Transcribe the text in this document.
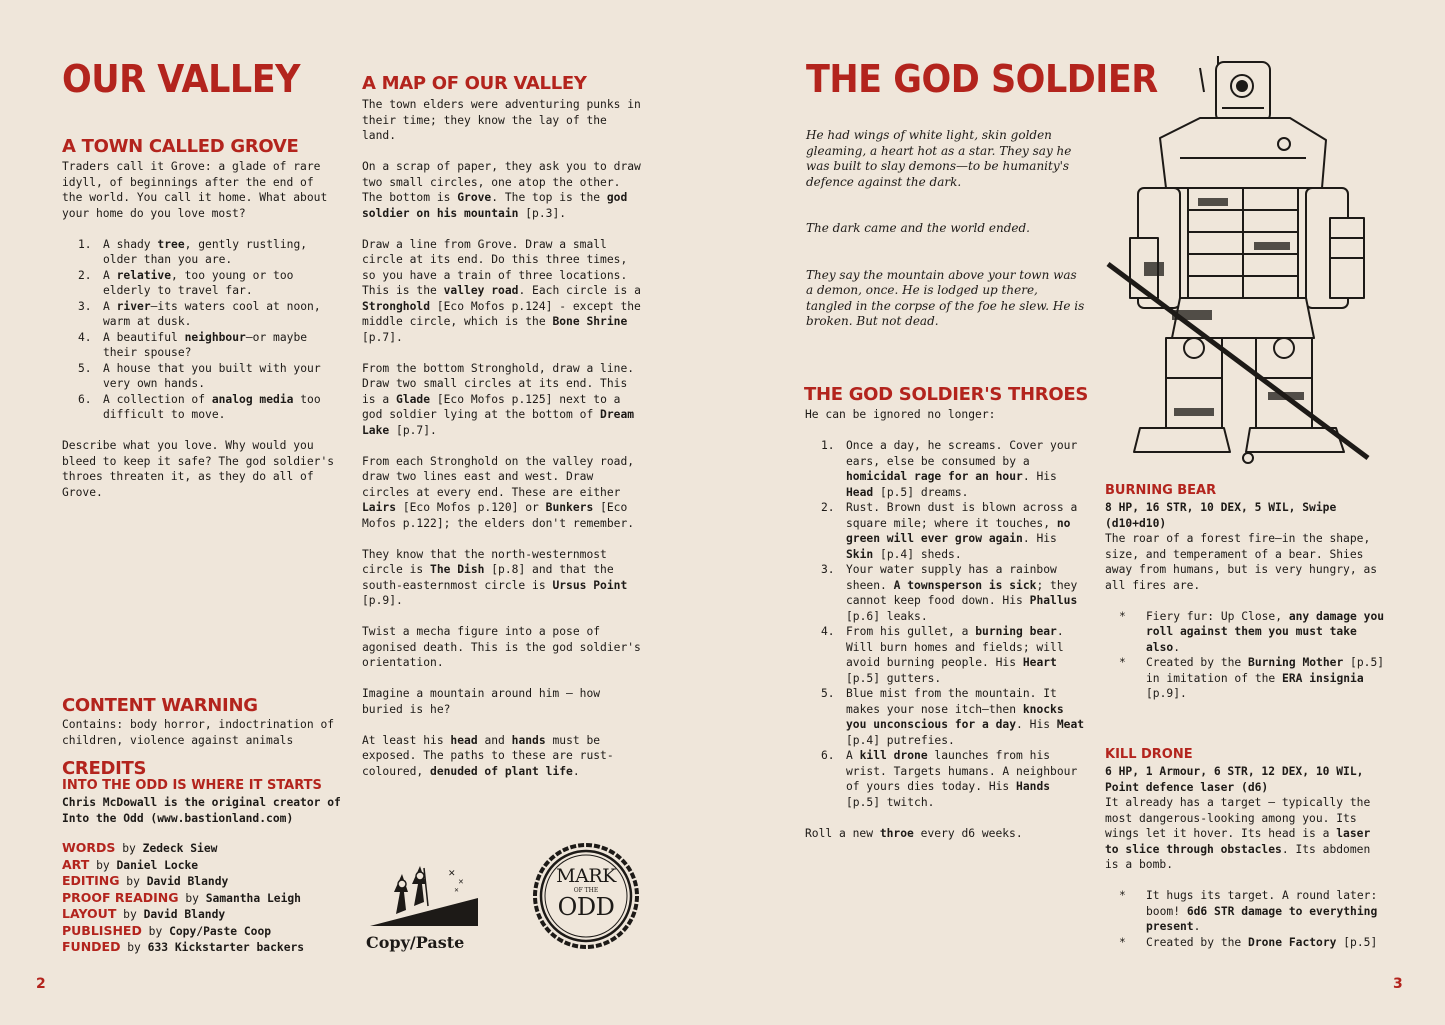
OUR VALLEY
A TOWN CALLED GROVE

Traders call it Grove: a glade of rare idyll, of beginnings after the end of the world. You call it home. What about your home do you love most?

1. A shady tree, gently rustling, older than you are.
2. A relative, too young or too elderly to travel far.
3. A river—its waters cool at noon, warm at dusk.
4. A beautiful neighbour—or maybe their spouse?
5. A house that you built with your very own hands.
6. A collection of analog media too difficult to move.

Describe what you love. Why would you bleed to keep it safe? The god soldier's throes threaten it, as they do all of Grove.

CONTENT WARNING

Contains: body horror, indoctrination of children, violence against animals

CREDITS
INTO THE ODD IS WHERE IT STARTS

Chris McDowall is the original creator of Into the Odd (www.bastionland.com)

WORDS by Zedeck Siew
ART by Daniel Locke
EDITING by David Blandy
PROOF READING by Samantha Leigh
LAYOUT by David Blandy
PUBLISHED by Copy/Paste Coop
FUNDED by 633 Kickstarter backers
A MAP OF OUR VALLEY

The town elders were adventuring punks in their time; they know the lay of the land.

On a scrap of paper, they ask you to draw two small circles, one atop the other. The bottom is Grove. The top is the god soldier on his mountain [p.3].

Draw a line from Grove. Draw a small circle at its end. Do this three times, so you have a train of three locations. This is the valley road. Each circle is a Stronghold [Eco Mofos p.124] - except the middle circle, which is the Bone Shrine [p.7].

From the bottom Stronghold, draw a line. Draw two small circles at its end. This is a Glade [Eco Mofos p.125] next to a god soldier lying at the bottom of Dream Lake [p.7].

From each Stronghold on the valley road, draw two lines east and west. Draw circles at every end. These are either Lairs [Eco Mofos p.120] or Bunkers [Eco Mofos p.122]; the elders don't remember.

They know that the north-westernmost circle is The Dish [p.8] and that the south-easternmost circle is Ursus Point [p.9].

Twist a mecha figure into a pose of agonised death. This is the god soldier's orientation.

Imagine a mountain around him — how buried is he?

At least his head and hands must be exposed. The paths to these are rust-coloured, denuded of plant life.

✕
✕
✕
Copy/Paste
MARK
OF THE
ODD
2
THE GOD SOLDIER

He had wings of white light, skin golden gleaming, a heart hot as a star. They say he was built to slay demons—to be humanity's defence against the dark.

The dark came and the world ended.

They say the mountain above your town was a demon, once. He is lodged up there, tangled in the corpse of the foe he slew. He is broken. But not dead.

THE GOD SOLDIER'S THROES

He can be ignored no longer:

1. Once a day, he screams. Cover your ears, else be consumed by a homicidal rage for an hour. His Head [p.5] dreams.
2. Rust. Brown dust is blown across a square mile; where it touches, no green will ever grow again. His Skin [p.4] sheds.
3. Your water supply has a rainbow sheen. A townsperson is sick; they cannot keep food down. His Phallus [p.6] leaks.
4. From his gullet, a burning bear. Will burn homes and fields; will avoid burning people. His Heart [p.5] gutters.
5. Blue mist from the mountain. It makes your nose itch—then knocks you unconscious for a day. His Meat [p.4] putrefies.
6. A kill drone launches from his wrist. Targets humans. A neighbour of yours dies today. His Hands [p.5] twitch.

Roll a new throe every d6 weeks.

BURNING BEAR

8 HP, 16 STR, 10 DEX, 5 WIL, Swipe (d10+d10)

The roar of a forest fire—in the shape, size, and temperament of a bear. Shies away from humans, but is very hungry, as all fires are.

* Fiery fur: Up Close, any damage you roll against them you must take also.
* Created by the Burning Mother [p.5] in imitation of the ERA insignia [p.9].
KILL DRONE

6 HP, 1 Armour, 6 STR, 12 DEX, 10 WIL, Point defence laser (d6)

It already has a target — typically the most dangerous-looking among you. Its wings let it hover. Its head is a laser to slice through obstacles. Its abdomen is a bomb.

* It hugs its target. A round later: boom! 6d6 STR damage to everything present.
* Created by the Drone Factory [p.5]
3
